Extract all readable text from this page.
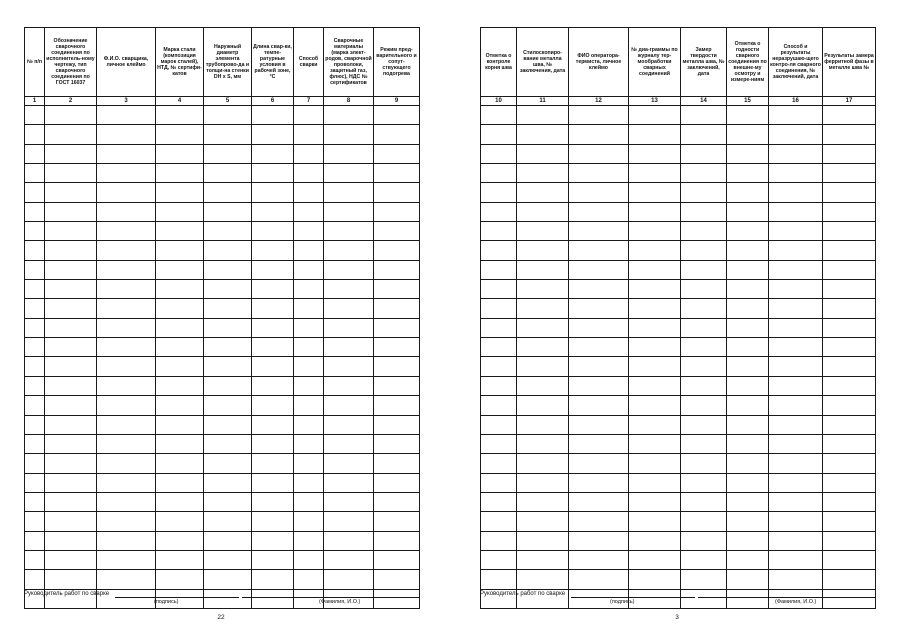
№ п/п	Обозначение сварочного соединения по исполнитель-ному чертежу, тип сварочного соединения по ГОСТ 16037	Ф.И.О. сварщика, личное клеймо	Марка стали (композиция марок сталей), НТД, № сертифи-катов	Наружный диаметр элемента трубопрово-да и толщи-на стенки DH x S, мм	Длина свар-ки, темпе-ратурные условия в рабочей зоне, °С	Способ сварки	Сварочные материалы (марка элект-родов, сварочной проволоки, защитный газ, флюс), НДС № сертификатов	Режим пред-варительного и сопут-ствующего подогрева
1	2	3	4	5	6	7	8	9

Руководитель работ по сварке
(подпись)	(Фамилия, И.О.)
22
Отметка о контроле корня шва	Стилоскопиро-вание металла шва, № заключения, дата	ФИО оператора-термиста, личное клеймо	№ диа-граммы по журналу тер-мообработки сварных соединений	Замер твердости металла шва, № заключений, дата	Отметка о годности сварного соединения по внешне-му осмотру и измере-ниям	Способ и результаты неразрушаю-щего контро-ля сварного соединения, № заключений, дата	Результаты замера ферритной фазы в металле шва №
10	11	12	13	14	15	16	17

Руководитель работ по сварке
(подпись)	(Фамилия, И.О.)
3
